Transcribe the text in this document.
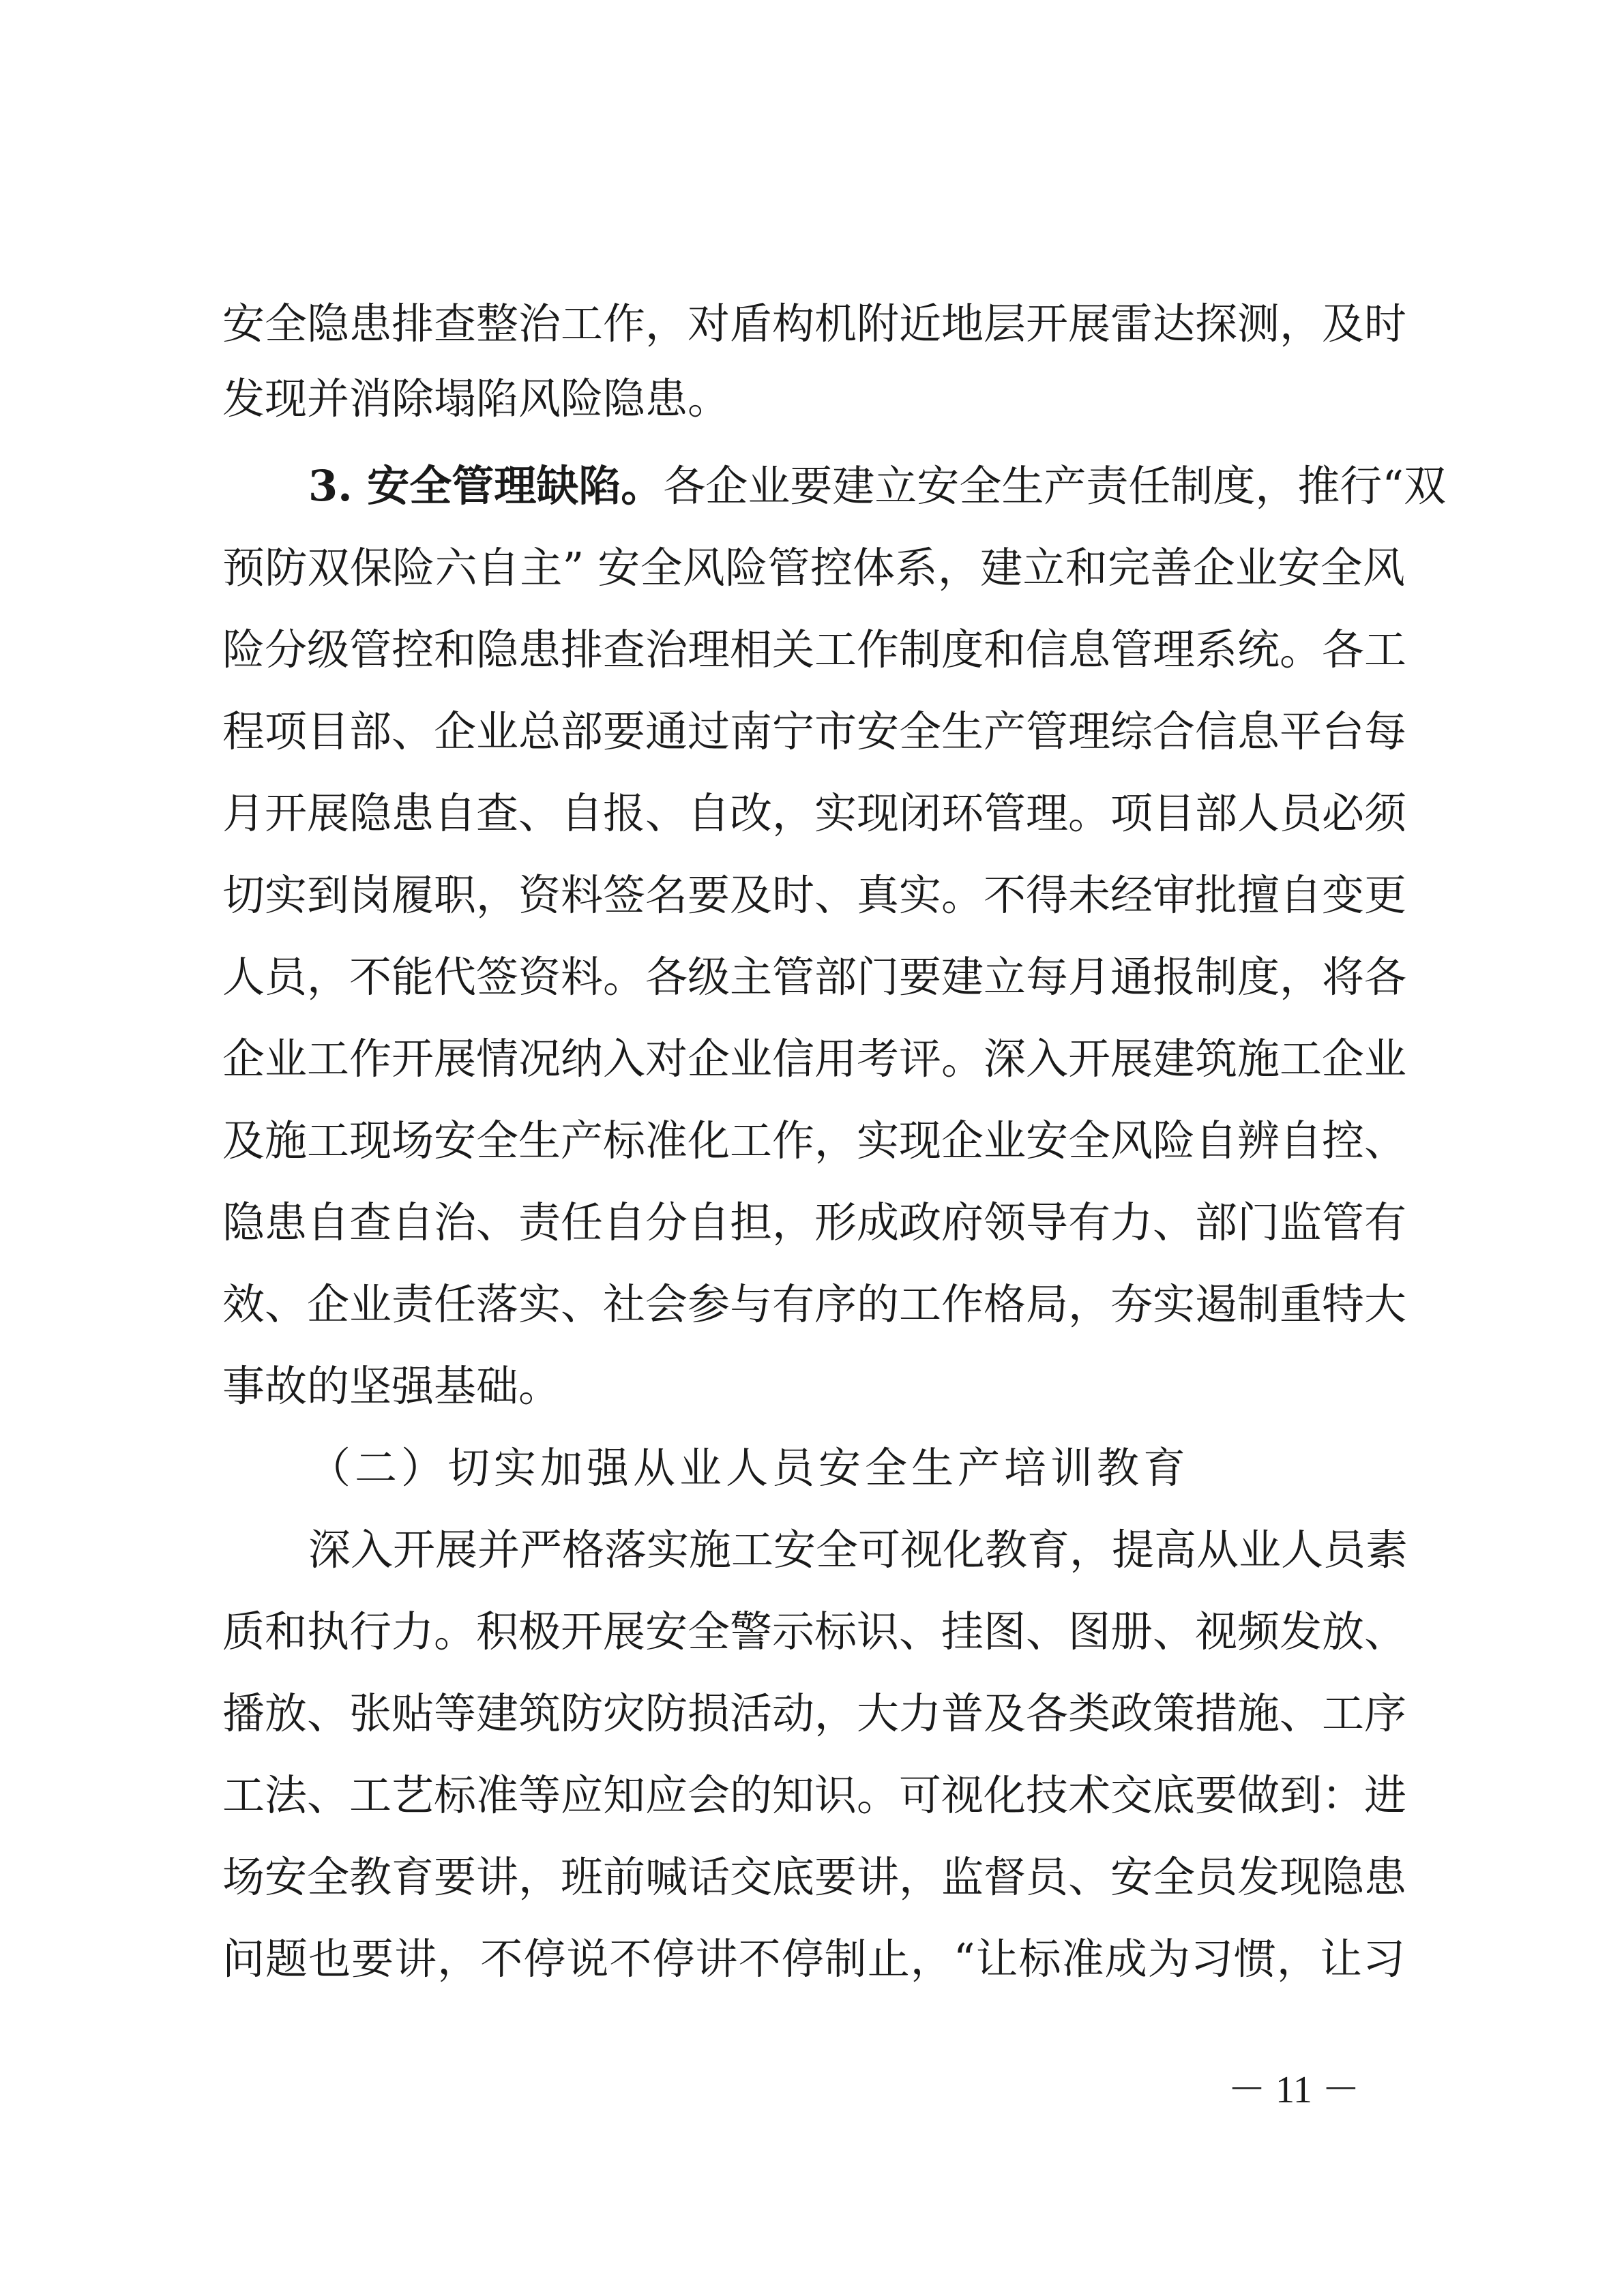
安全隐患排查整治工作，对盾构机附近地层开展雷达探测，及时
发现并消除塌陷风险隐患。
3. 安全管理缺陷。各企业要建立安全生产责任制度，推行“双
预防双保险六自主” 安全风险管控体系，建立和完善企业安全风
险分级管控和隐患排查治理相关工作制度和信息管理系统。各工
程项目部、企业总部要通过南宁市安全生产管理综合信息平台每
月开展隐患自查、自报、自改，实现闭环管理。项目部人员必须
切实到岗履职，资料签名要及时、真实。不得未经审批擅自变更
人员，不能代签资料。各级主管部门要建立每月通报制度，将各
企业工作开展情况纳入对企业信用考评。深入开展建筑施工企业
及施工现场安全生产标准化工作，实现企业安全风险自辨自控、
隐患自查自治、责任自分自担，形成政府领导有力、部门监管有
效、企业责任落实、社会参与有序的工作格局，夯实遏制重特大
事故的坚强基础。
（二）切实加强从业人员安全生产培训教育
深入开展并严格落实施工安全可视化教育，提高从业人员素
质和执行力。积极开展安全警示标识、挂图、图册、视频发放、
播放、张贴等建筑防灾防损活动，大力普及各类政策措施、工序
工法、工艺标准等应知应会的知识。可视化技术交底要做到：进
场安全教育要讲，班前喊话交底要讲，监督员、安全员发现隐患
问题也要讲，不停说不停讲不停制止，“让标准成为习惯，让习
－ 11 －
